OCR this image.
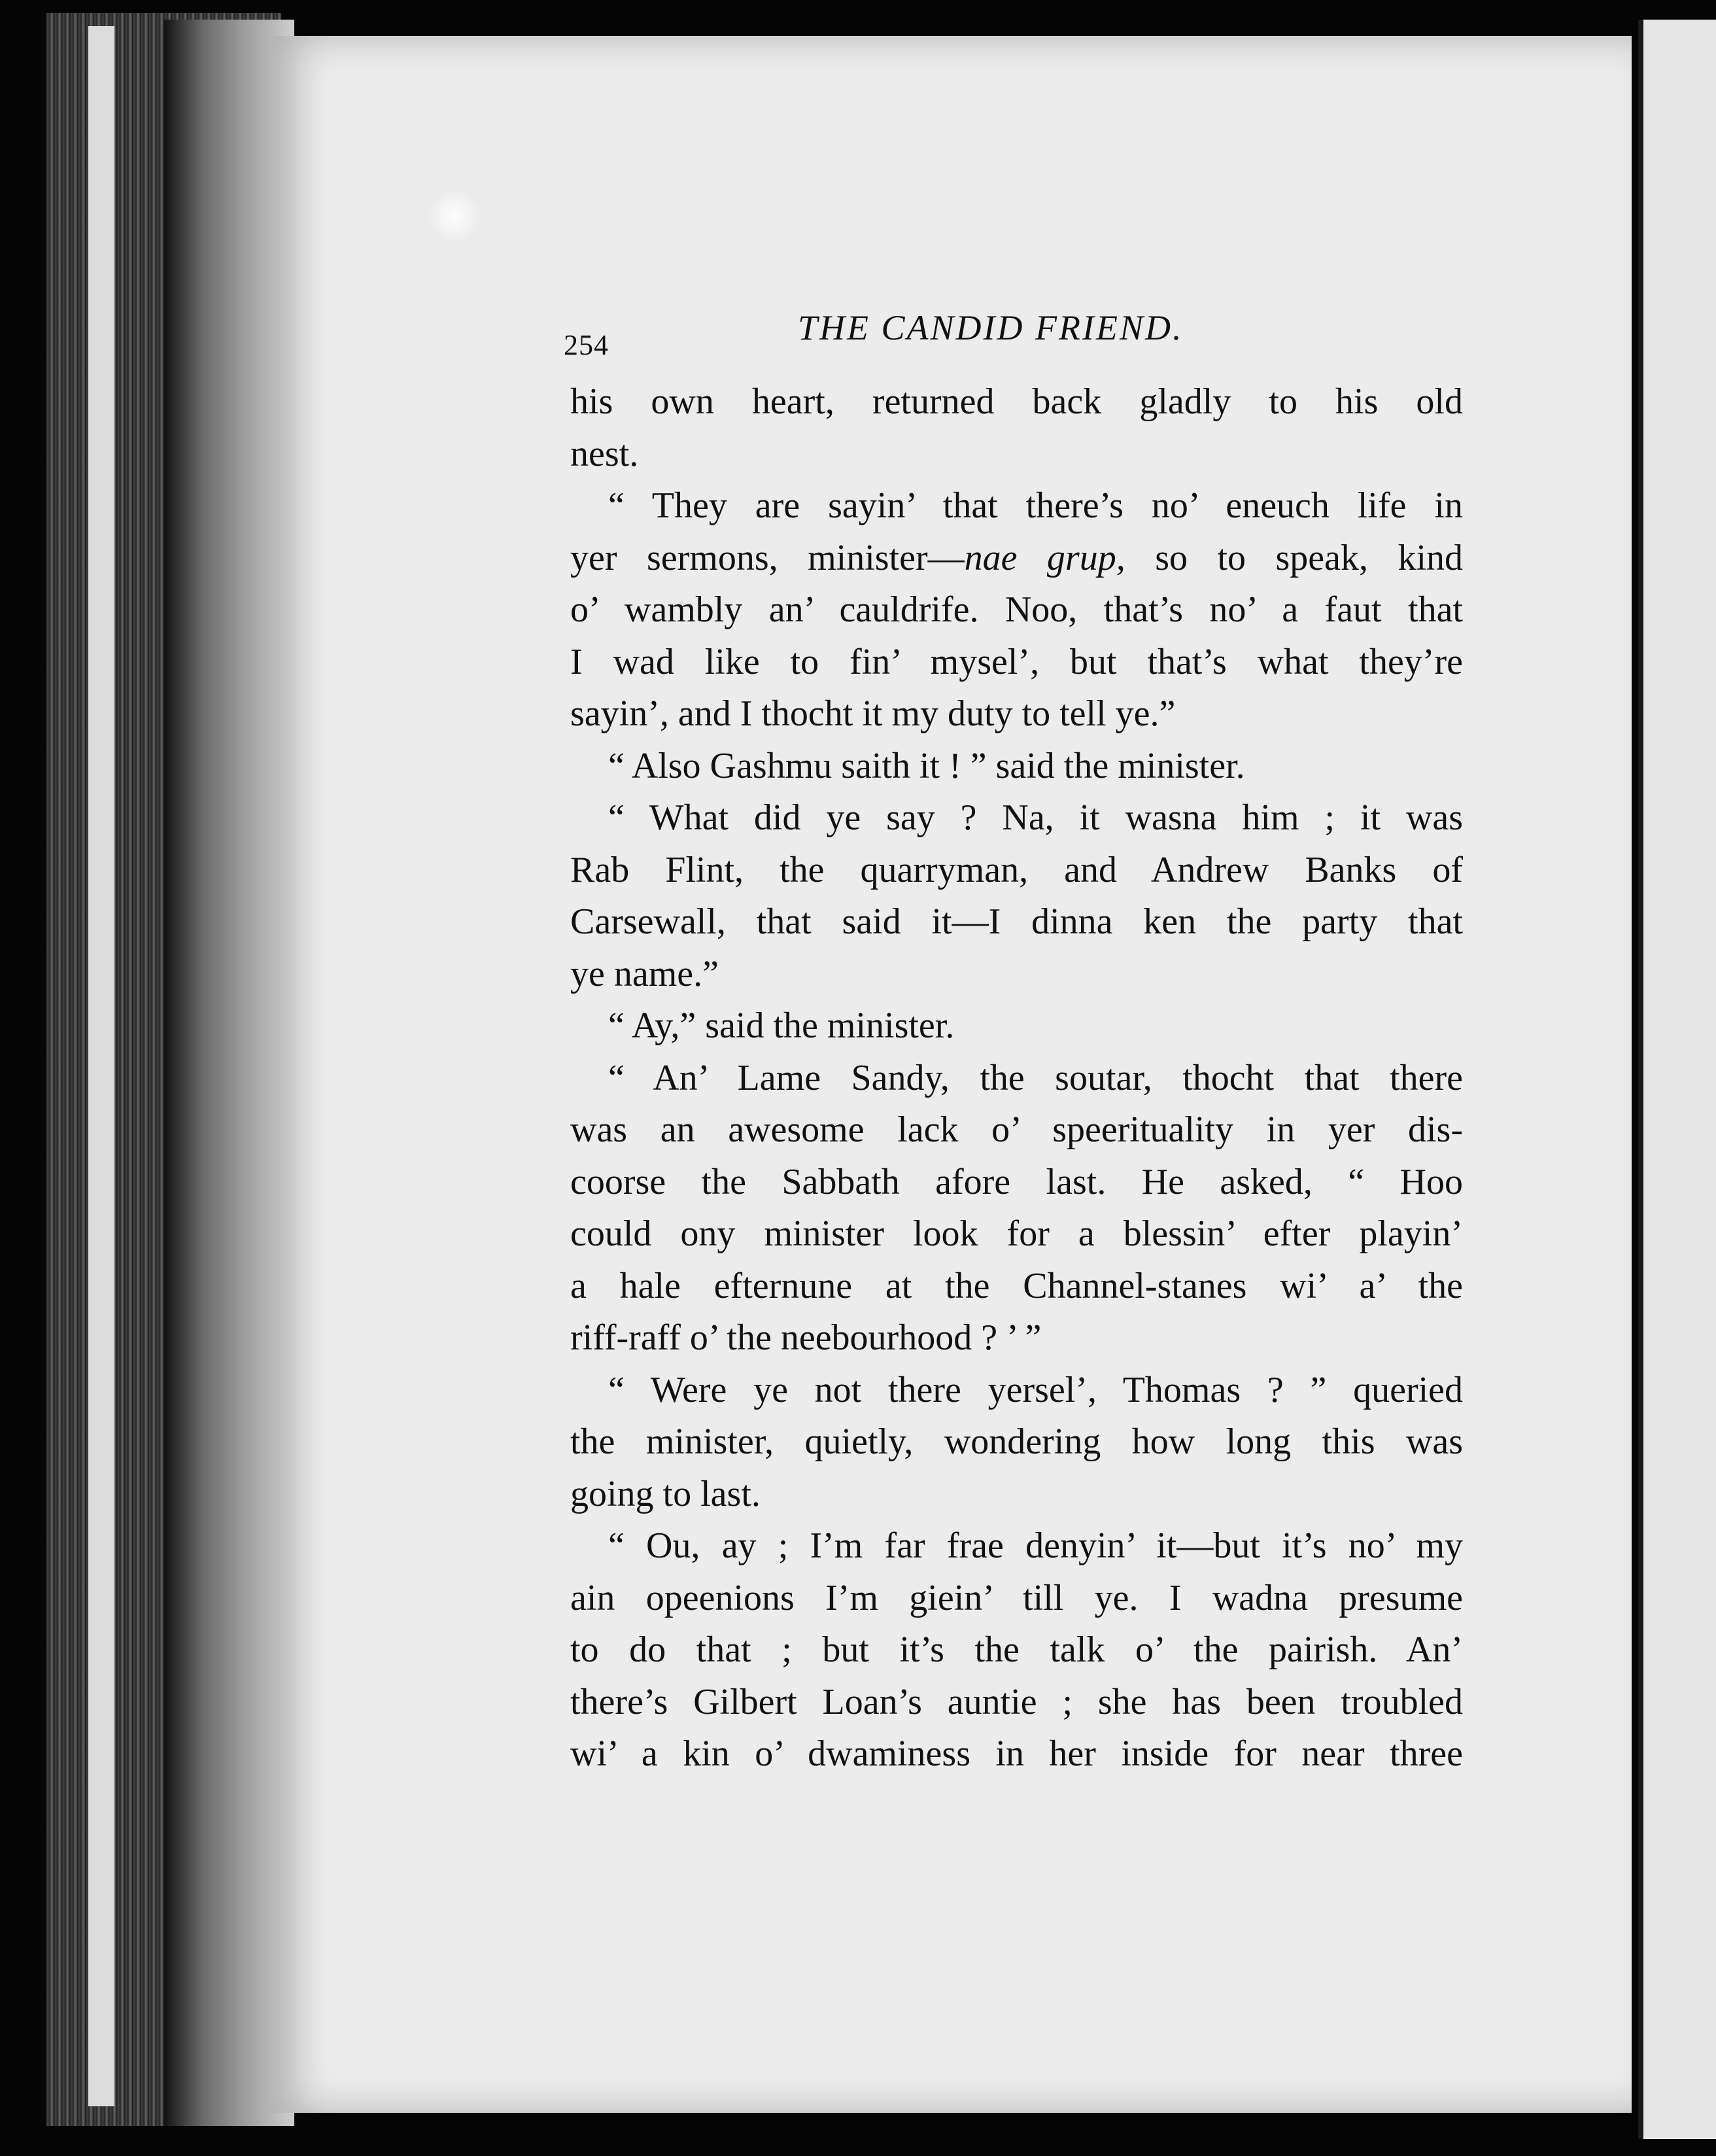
254	THE CANDID FRIEND.
his own heart, returned back gladly to his old
nest.
“ They are sayin’ that there’s no’ eneuch life in
yer sermons, minister—nae grup, so to speak, kind
o’ wambly an’ cauldrife. Noo, that’s no’ a faut that
I wad like to fin’ mysel’, but that’s what they’re
sayin’, and I thocht it my duty to tell ye.”
“ Also Gashmu saith it ! ” said the minister.
“ What did ye say ? Na, it wasna him ; it was
Rab Flint, the quarryman, and Andrew Banks of
Carsewall, that said it—I dinna ken the party that
ye name.”
“ Ay,” said the minister.
“ An’ Lame Sandy, the soutar, thocht that there
was an awesome lack o’ speerituality in yer dis-
coorse the Sabbath afore last. He asked, “ Hoo
could ony minister look for a blessin’ efter playin’
a hale efternune at the Channel-stanes wi’ a’ the
riff-raff o’ the neebourhood ? ’ ”
“ Were ye not there yersel’, Thomas ? ” queried
the minister, quietly, wondering how long this was
going to last.
“ Ou, ay ; I’m far frae denyin’ it—but it’s no’ my
ain opeenions I’m giein’ till ye. I wadna presume
to do that ; but it’s the talk o’ the pairish. An’
there’s Gilbert Loan’s auntie ; she has been troubled
wi’ a kin o’ dwaminess in her inside for near three
